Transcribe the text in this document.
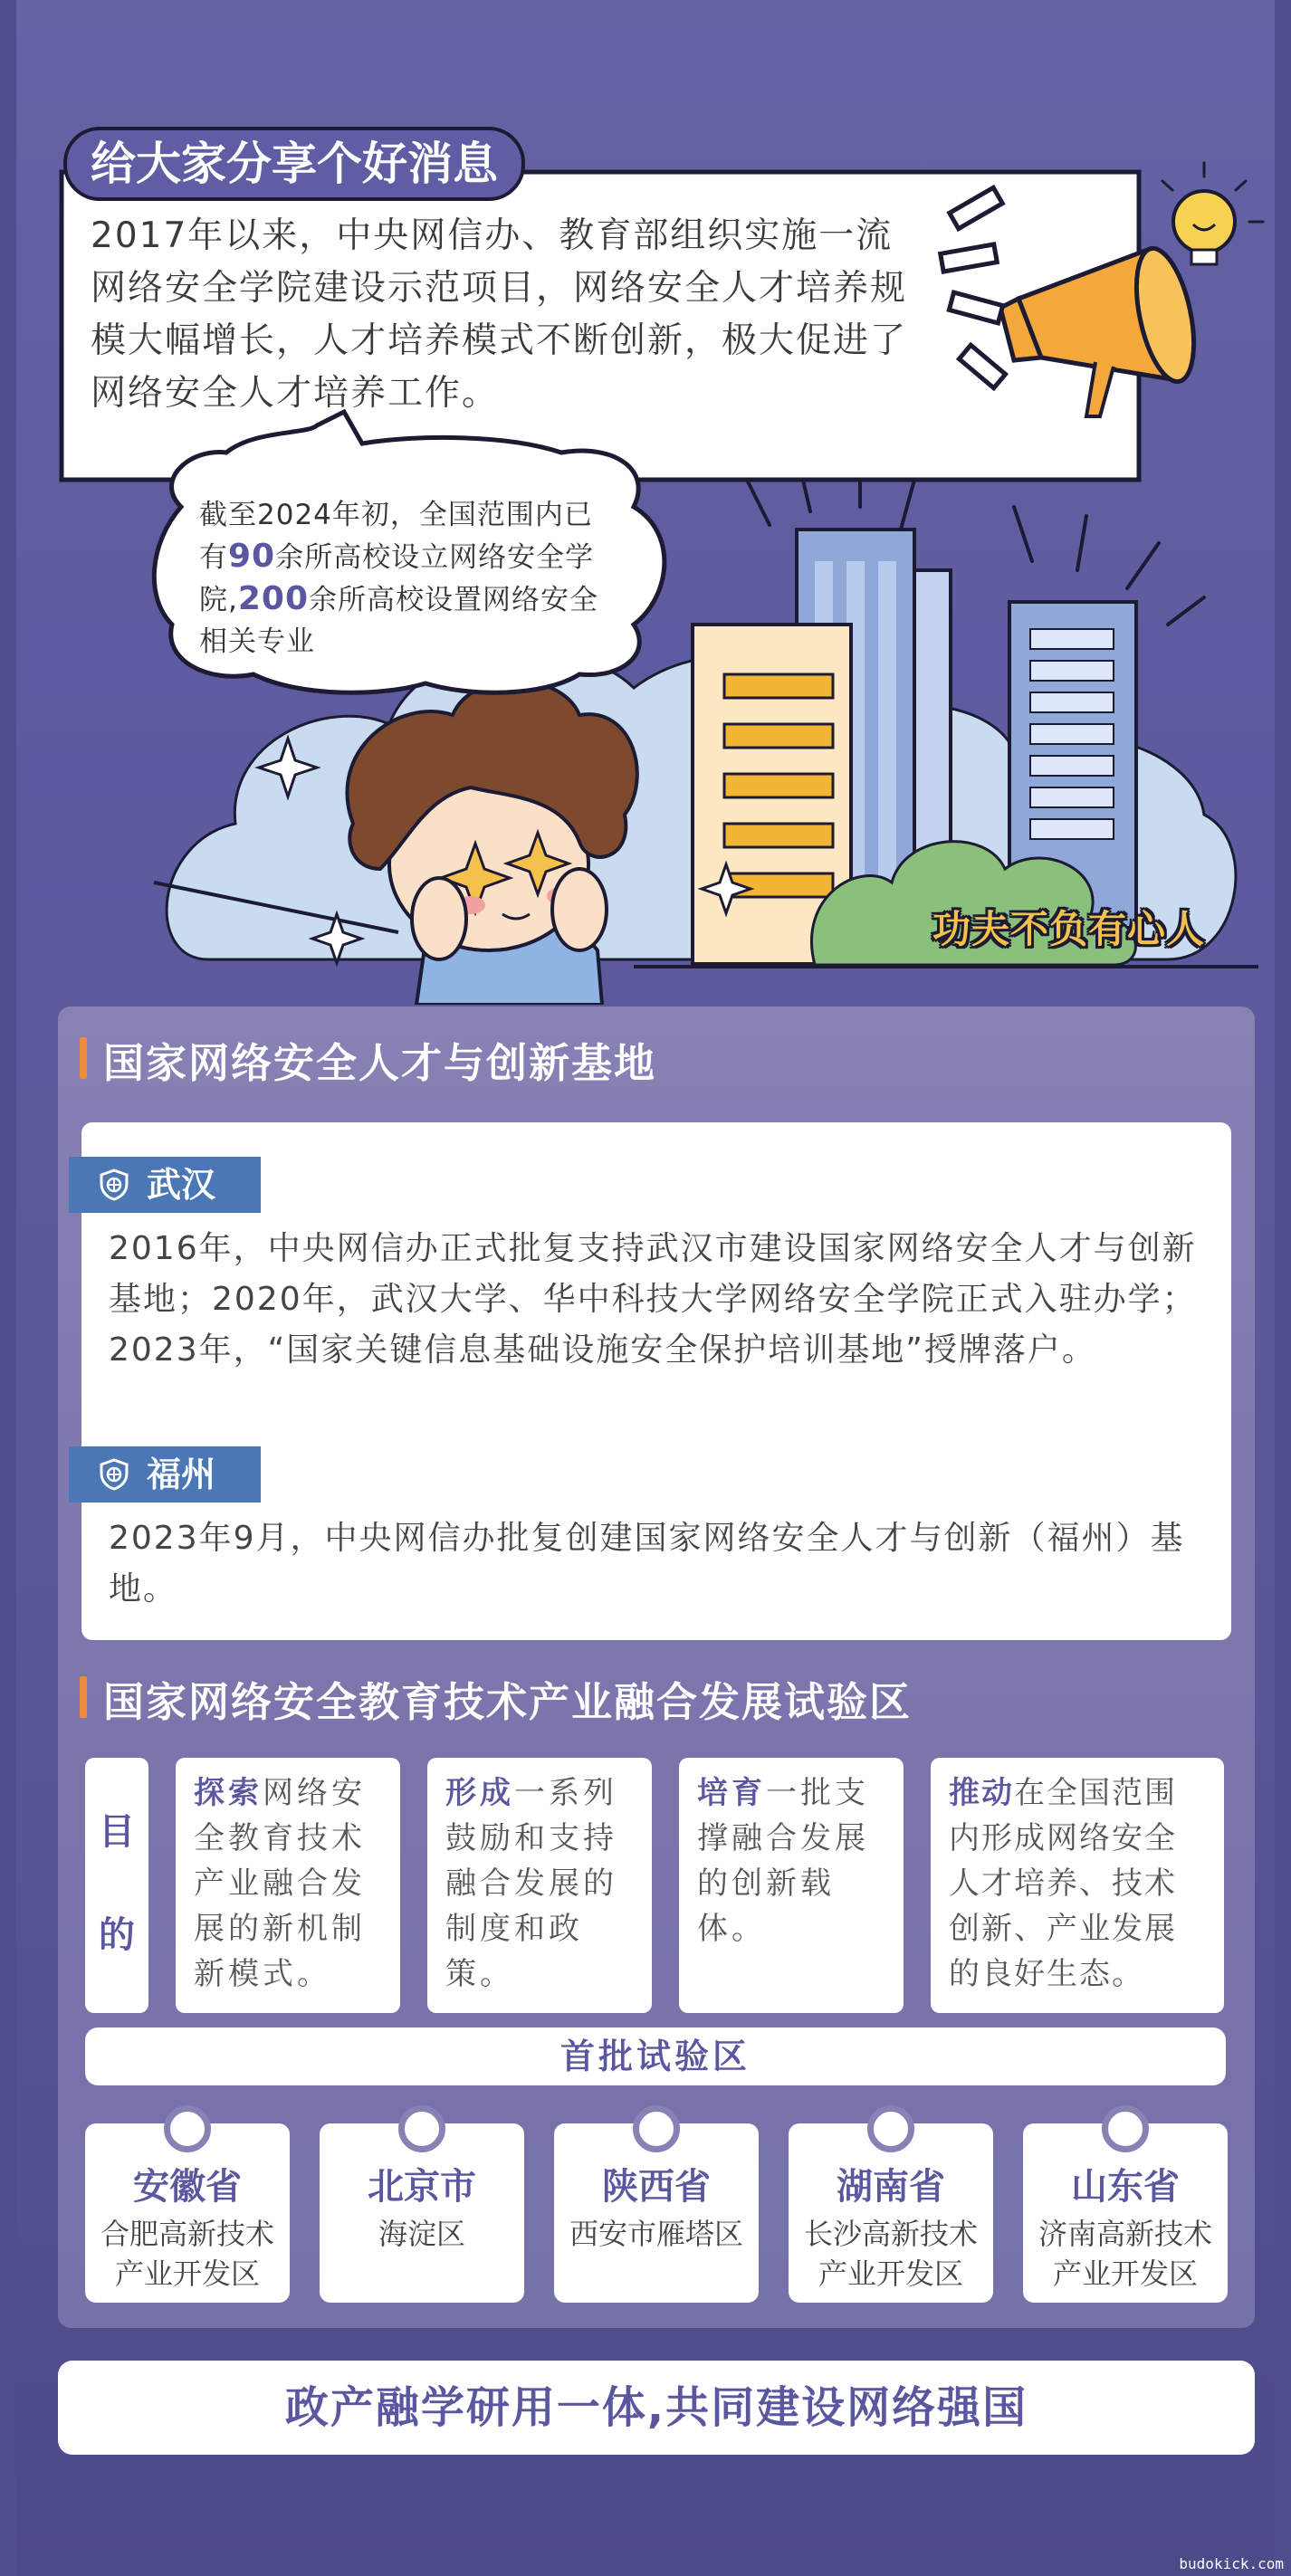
给大家分享个好消息
2017年以来，中央网信办、教育部组织实施一流网络安全学院建设示范项目，网络安全人才培养规模大幅增长，人才培养模式不断创新，极大促进了网络安全人才培养工作。
截至2024年初，全国范围内已有90余所高校设立网络安全学院,200余所高校设置网络安全相关专业
功夫不负有心人
国家网络安全人才与创新基地
武汉
2016年，中央网信办正式批复支持武汉市建设国家网络安全人才与创新基地；2020年，武汉大学、华中科技大学网络安全学院正式入驻办学；2023年，“国家关键信息基础设施安全保护培训基地”授牌落户。
福州
2023年9月，中央网信办批复创建国家网络安全人才与创新（福州）基地。
国家网络安全教育技术产业融合发展试验区
目
的
探索网络安全教育技术产业融合发展的新机制新模式。
形成一系列鼓励和支持融合发展的制度和政策。
培育一批支撑融合发展的创新载体。
推动在全国范围内形成网络安全人才培养、技术创新、产业发展的良好生态。
首批试验区
安徽省
合肥高新技术产业开发区
北京市
海淀区
陕西省
西安市雁塔区
湖南省
长沙高新技术产业开发区
山东省
济南高新技术产业开发区
政产融学研用一体,共同建设网络强国
budokick.com
